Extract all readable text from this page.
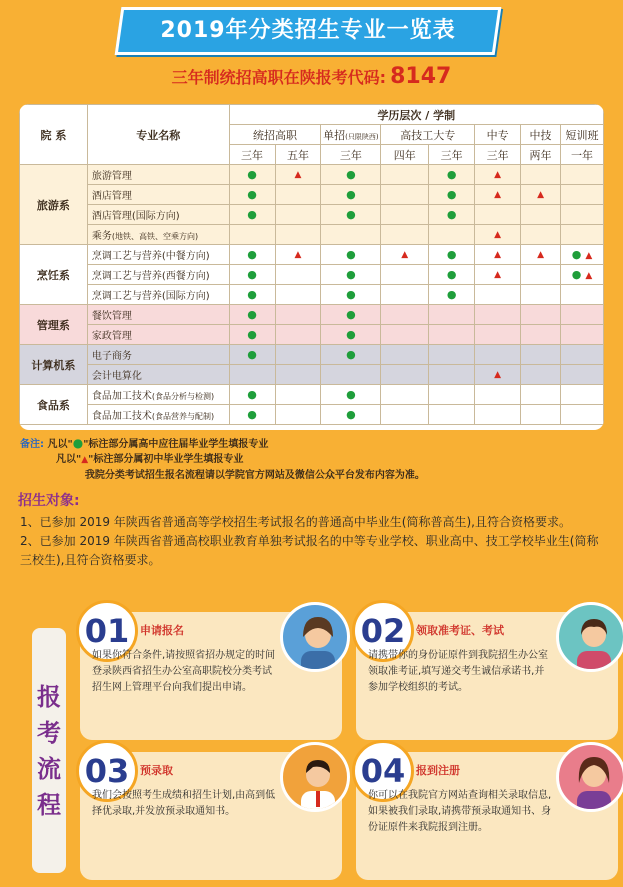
2019年分类招生专业一览表
三年制统招高职在陕报考代码: 8147
院 系	专业名称	学历层次 / 学制							
		统招高职		单招(只限陕西)	高技工大专		中专	中技	短训班
		三年	五年	三年	四年	三年	三年	两年	一年
旅游系	旅游管理	●	▲	●		●	▲		
	酒店管理	●		●		●	▲	▲	
	酒店管理(国际方向)	●		●		●			
	乘务(地铁、高铁、空乘方向)						▲		
烹饪系	烹调工艺与营养(中餐方向)	●	▲	●	▲	●	▲	▲	● ▲
	烹调工艺与营养(西餐方向)	●		●		●	▲		● ▲
	烹调工艺与营养(国际方向)	●		●		●			
管理系	餐饮管理	●		●					
	家政管理	●		●					
计算机系	电子商务	●		●					
	会计电算化						▲		
食品系	食品加工技术(食品分析与检测)	●		●					
	食品加工技术(食品营养与配制)	●		●					
备注: 凡以"●"标注部分属高中应往届毕业学生填报专业
凡以"▲"标注部分属初中毕业学生填报专业
我院分类考试招生报名流程请以学院官方网站及微信公众平台发布内容为准。
招生对象:
1、已参加 2019 年陕西省普通高等学校招生考试报名的普通高中毕业生(简称普高生),且符合资格要求。
2、已参加 2019 年陕西省普通高校职业教育单独考试报名的中等专业学校、职业高中、技工学校毕业生(简称三校生),且符合资格要求。
报
考
流
程
01 申请报名
如果你符合条件,请按照省招办规定的时间登录陕西省招生办公室高职院校分类考试招生网上管理平台向我们提出申请。
02 领取准考证、考试
请携带你的身份证原件到我院招生办公室领取准考证,填写递交考生诚信承诺书,并参加学校组织的考试。
03 预录取
我们会按照考生成绩和招生计划,由高到低择优录取,并发放预录取通知书。
04 报到注册
你可以在我院官方网站查询相关录取信息,如果被我们录取,请携带预录取通知书、身份证原件来我院报到注册。
